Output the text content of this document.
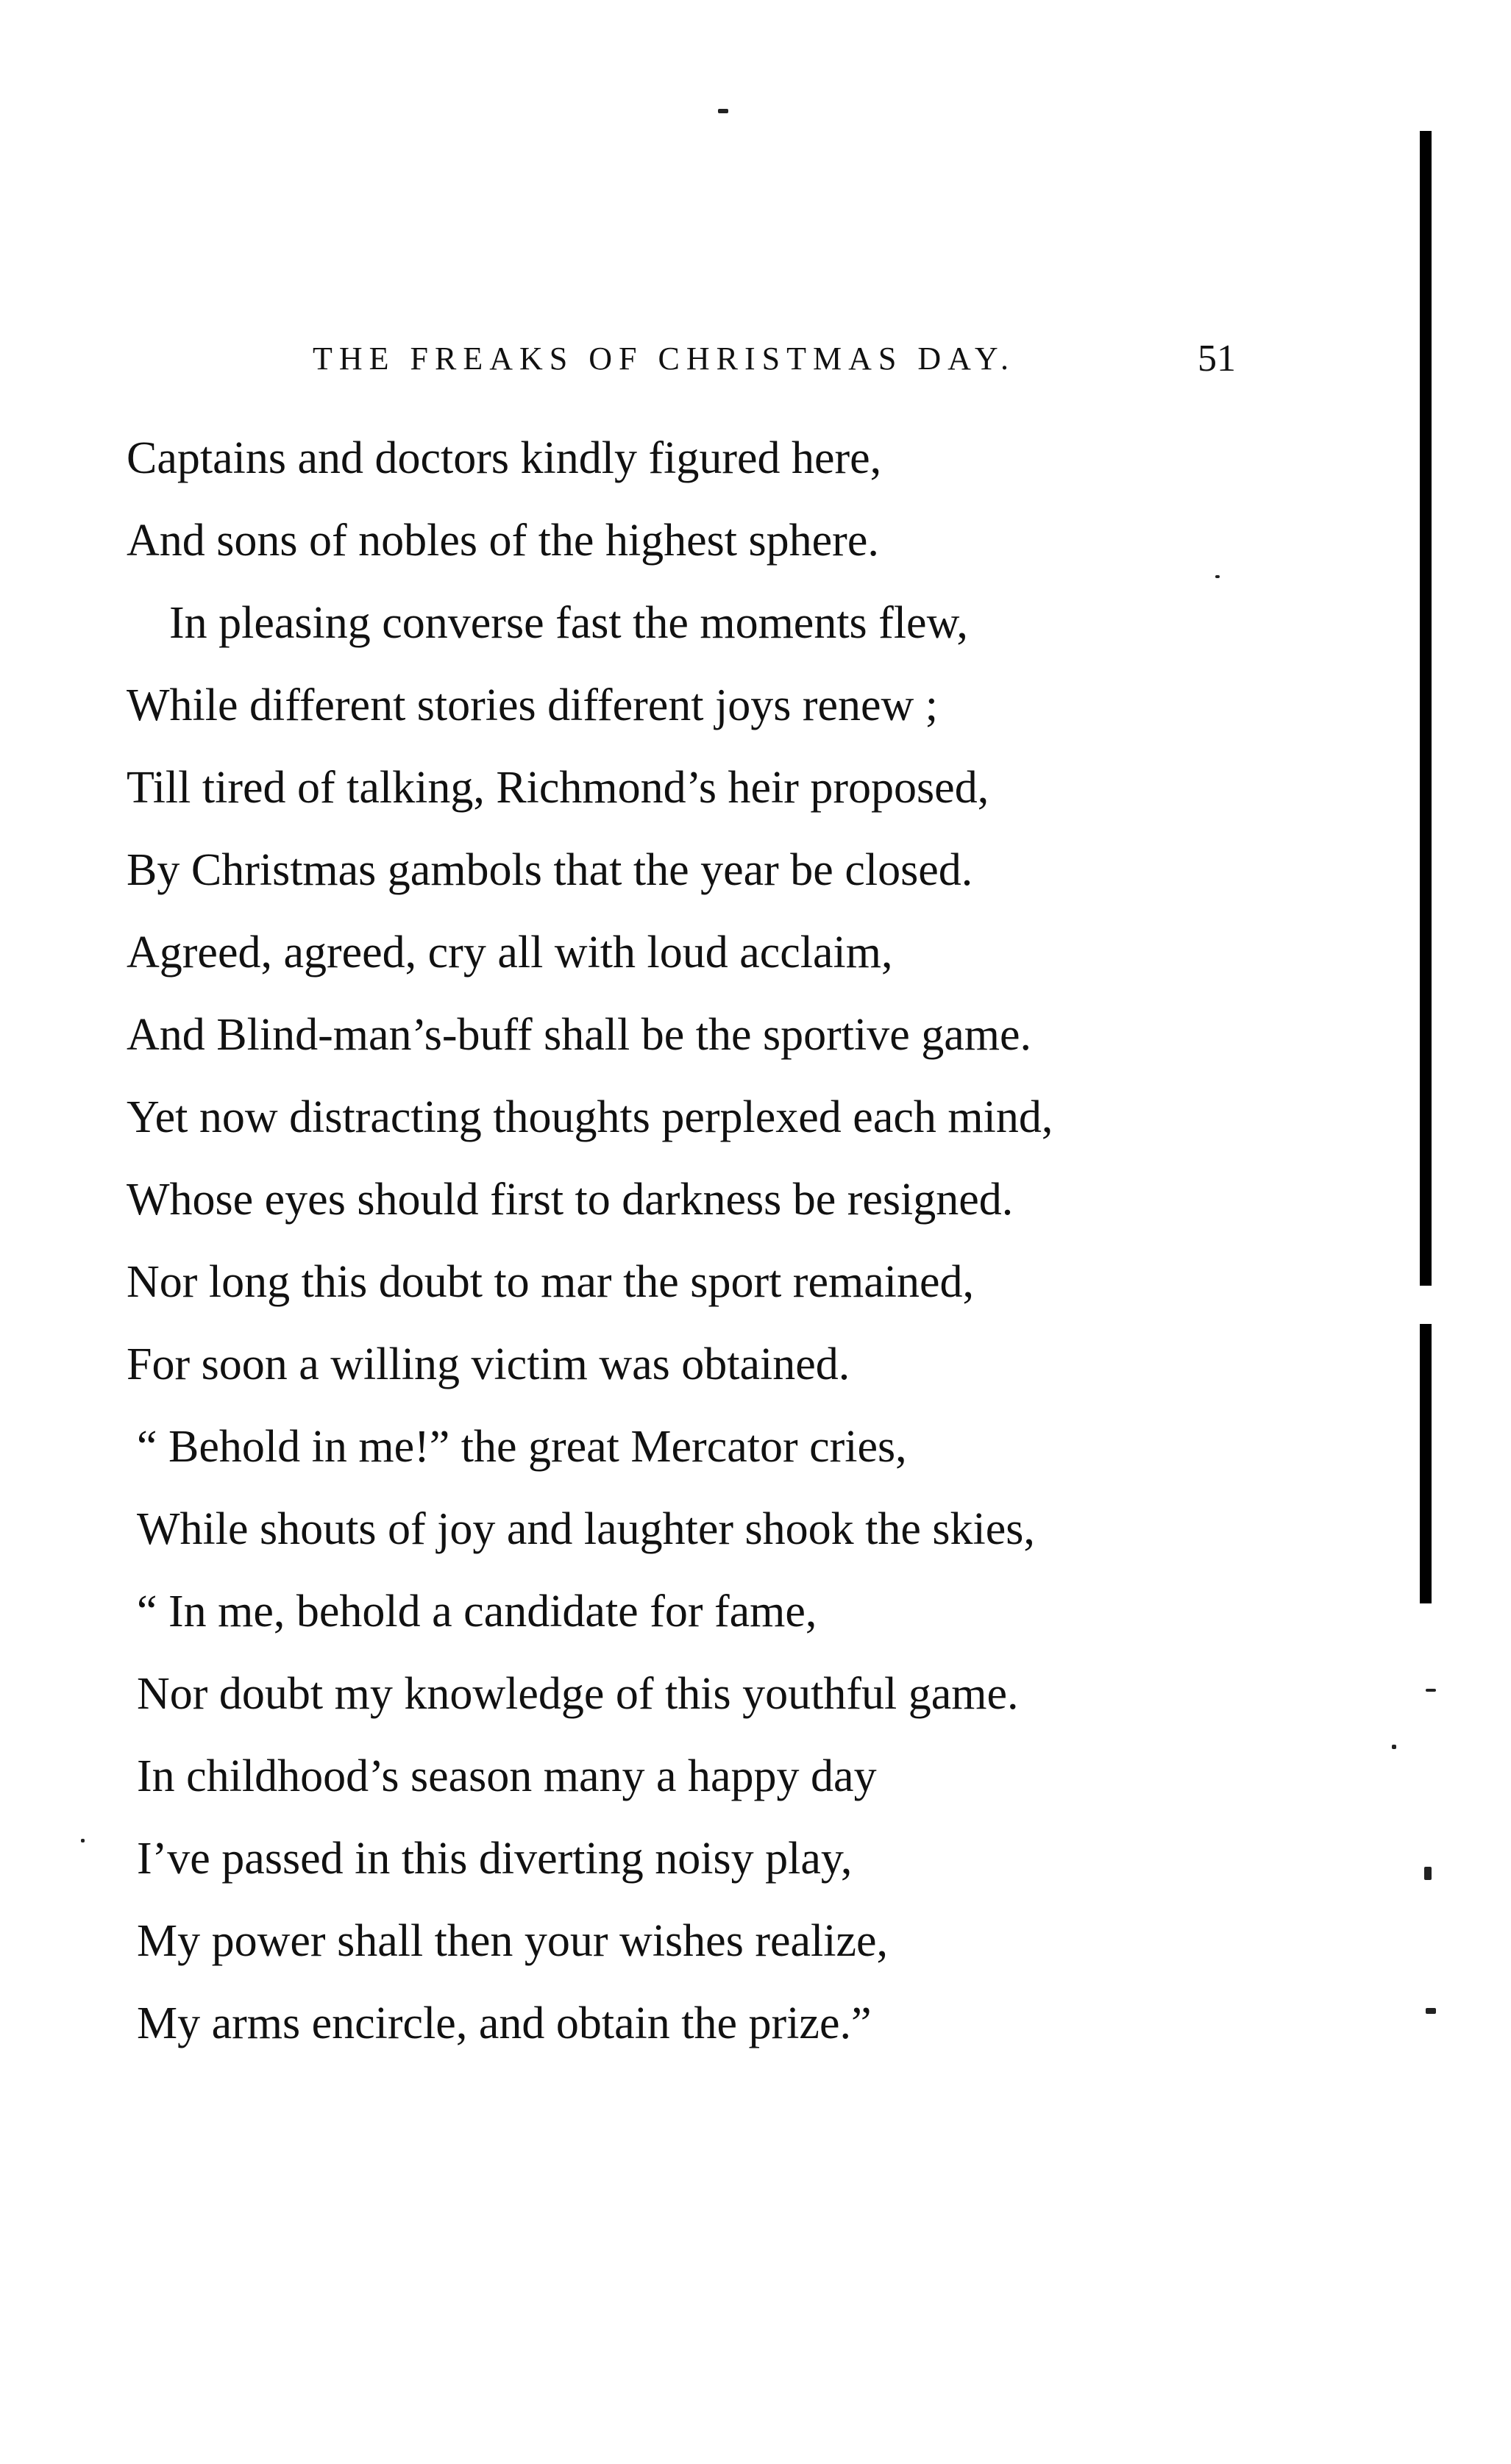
THE FREAKS OF CHRISTMAS DAY.	51
Captains and doctors kindly figured here,
And sons of nobles of the highest sphere.
In pleasing converse fast the moments flew,
While different stories different joys renew ;
Till tired of talking, Richmond’s heir proposed,
By Christmas gambols that the year be closed.
Agreed, agreed, cry all with loud acclaim,
And Blind-man’s-buff shall be the sportive game.
Yet now distracting thoughts perplexed each mind,
Whose eyes should first to darkness be resigned.
Nor long this doubt to mar the sport remained,
For soon a willing victim was obtained.
“ Behold in me!” the great Mercator cries,
While shouts of joy and laughter shook the skies,
“ In me, behold a candidate for fame,
Nor doubt my knowledge of this youthful game.
In childhood’s season many a happy day
I’ve passed in this diverting noisy play,
My power shall then your wishes realize,
My arms encircle, and obtain the prize.”
